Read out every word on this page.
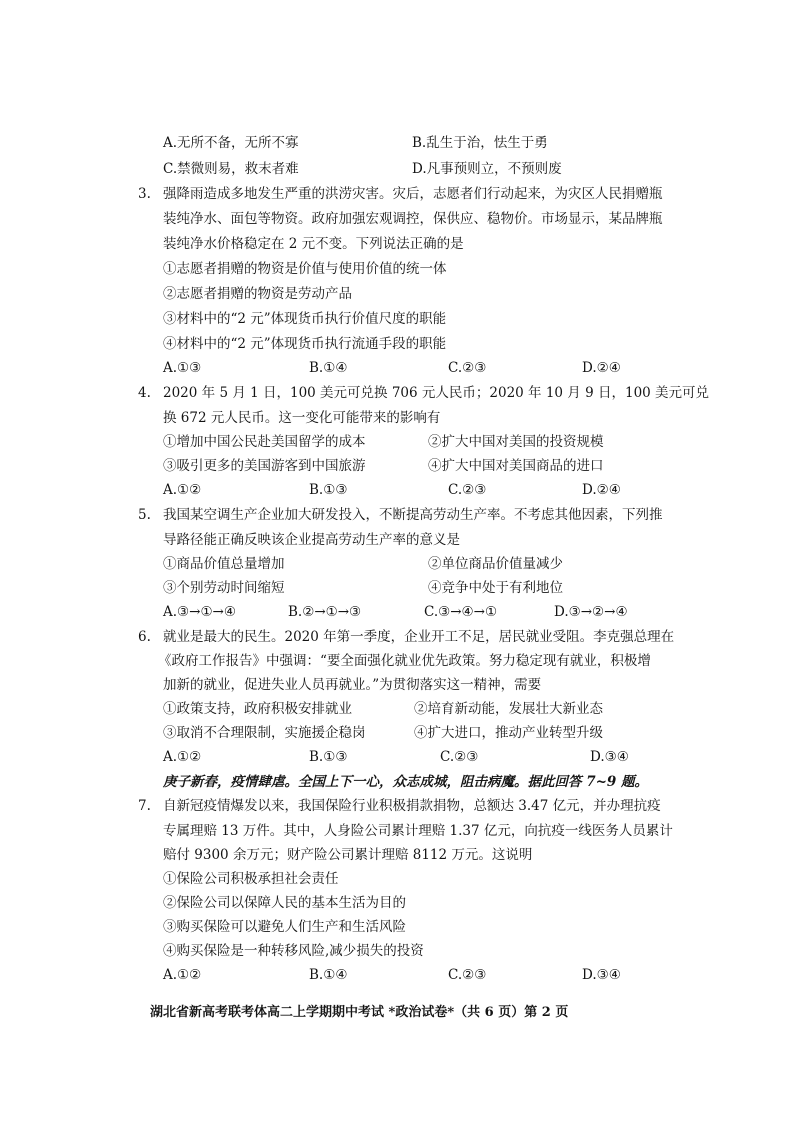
A.无所不备，无所不寡	B.乱生于治，怯生于勇
C.禁微则易，救末者难	D.凡事预则立，不预则废
3. 强降雨造成多地发生严重的洪涝灾害。灾后，志愿者们行动起来，为灾区人民捐赠瓶
装纯净水、面包等物资。政府加强宏观调控，保供应、稳物价。市场显示，某品牌瓶
装纯净水价格稳定在 2 元不变。下列说法正确的是
①志愿者捐赠的物资是价值与使用价值的统一体
②志愿者捐赠的物资是劳动产品
③材料中的“2 元”体现货币执行价值尺度的职能
④材料中的“2 元”体现货币执行流通手段的职能
A.①③	B.①④	C.②③	D.②④
4. 2020 年 5 月 1 日，100 美元可兑换 706 元人民币；2020 年 10 月 9 日，100 美元可兑
换 672 元人民币。这一变化可能带来的影响有
①增加中国公民赴美国留学的成本	②扩大中国对美国的投资规模
③吸引更多的美国游客到中国旅游	④扩大中国对美国商品的进口
A.①②	B.①③	C.②③	D.②④
5. 我国某空调生产企业加大研发投入，不断提高劳动生产率。不考虑其他因素，下列推
导路径能正确反映该企业提高劳动生产率的意义是
①商品价值总量增加	②单位商品价值量减少
③个别劳动时间缩短	④竞争中处于有利地位
A.③→①→④	B.②→①→③	C.③→④→①	D.③→②→④
6. 就业是最大的民生。2020 年第一季度，企业开工不足，居民就业受阻。李克强总理在
《政府工作报告》中强调：“要全面强化就业优先政策。努力稳定现有就业，积极增
加新的就业，促进失业人员再就业。”为贯彻落实这一精神，需要
①政策支持，政府积极安排就业	②培育新动能，发展壮大新业态
③取消不合理限制，实施援企稳岗	④扩大进口，推动产业转型升级
A.①②	B.①③	C.②③	D.③④
庚子新春，疫情肆虐。全国上下一心，众志成城，阻击病魔。据此回答 7~9 题。
7. 自新冠疫情爆发以来，我国保险行业积极捐款捐物，总额达 3.47 亿元，并办理抗疫
专属理赔 13 万件。其中，人身险公司累计理赔 1.37 亿元，向抗疫一线医务人员累计
赔付 9300 余万元；财产险公司累计理赔 8112 万元。这说明
①保险公司积极承担社会责任
②保险公司以保障人民的基本生活为目的
③购买保险可以避免人们生产和生活风险
④购买保险是一种转移风险,减少损失的投资
A.①②	B.①④	C.②③	D.③④
湖北省新高考联考体高二上学期期中考试 *政治试卷*（共 6 页）第 2 页
